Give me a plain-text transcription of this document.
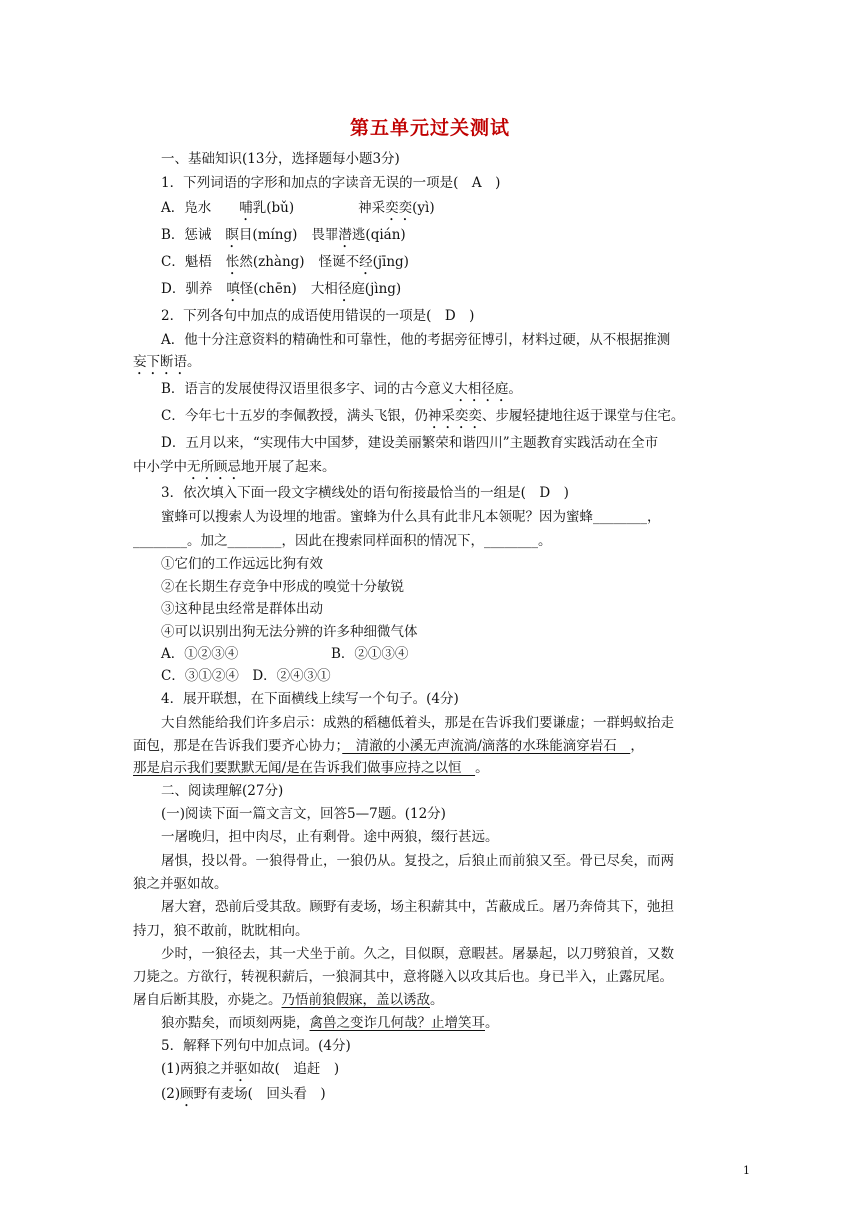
第五单元过关测试
一、基础知识(13分，选择题每小题3分)
1．下列词语的字形和加点的字读音无误的一项是(　A　)
A．凫水 哺乳(bǔ)	神采奕奕(yì)
B．惩诫 瞑目(míng) 畏罪潜逃(qián)
C．魁梧 怅然(zhàng) 怪诞不经(jīng)
D．驯养 嗔怪(chēn) 大相径庭(jìng)
2．下列各句中加点的成语使用错误的一项是(　D　)
A．他十分注意资料的精确性和可靠性，他的考据旁征博引，材料过硬，从不根据推测
妄下断语。
B．语言的发展使得汉语里很多字、词的古今意义大相径庭。
C．今年七十五岁的李佩教授，满头飞银，仍神采奕奕、步履轻捷地往返于课堂与住宅。
D．五月以来，“实现伟大中国梦，建设美丽繁荣和谐四川”主题教育实践活动在全市
中小学中无所顾忌地开展了起来。
3．依次填入下面一段文字横线处的语句衔接最恰当的一组是(　D　)
蜜蜂可以搜索人为设埋的地雷。蜜蜂为什么具有此非凡本领呢？因为蜜蜂________，
________。加之________，因此在搜索同样面积的情况下，________。
①它们的工作远远比狗有效
②在长期生存竞争中形成的嗅觉十分敏锐
③这种昆虫经常是群体出动
④可以识别出狗无法分辨的许多种细微气体
A．①②③④	B．②①③④
C．③①②④　D．②④③①
4．展开联想，在下面横线上续写一个句子。(4分)
大自然能给我们许多启示：成熟的稻穗低着头，那是在告诉我们要谦虚；一群蚂蚁抬走
面包，那是在告诉我们要齐心协力；　清澈的小溪无声流淌/滴落的水珠能滴穿岩石　，
那是启示我们要默默无闻/是在告诉我们做事应持之以恒　。
二、阅读理解(27分)
(一)阅读下面一篇文言文，回答5—7题。(12分)
一屠晚归，担中肉尽，止有剩骨。途中两狼，缀行甚远。
屠惧，投以骨。一狼得骨止，一狼仍从。复投之，后狼止而前狼又至。骨已尽矣，而两
狼之并驱如故。
屠大窘，恐前后受其敌。顾野有麦场，场主积薪其中，苫蔽成丘。屠乃奔倚其下，弛担
持刀，狼不敢前，眈眈相向。
少时，一狼径去，其一犬坐于前。久之，目似瞑，意暇甚。屠暴起，以刀劈狼首，又数
刀毙之。方欲行，转视积薪后，一狼洞其中，意将隧入以攻其后也。身已半入，止露尻尾。
屠自后断其股，亦毙之。乃悟前狼假寐，盖以诱敌。
狼亦黠矣，而顷刻两毙，禽兽之变诈几何哉？止增笑耳。
5．解释下列句中加点词。(4分)
(1)两狼之并驱如故(　追赶　)
(2)顾野有麦场(　回头看　)
1
